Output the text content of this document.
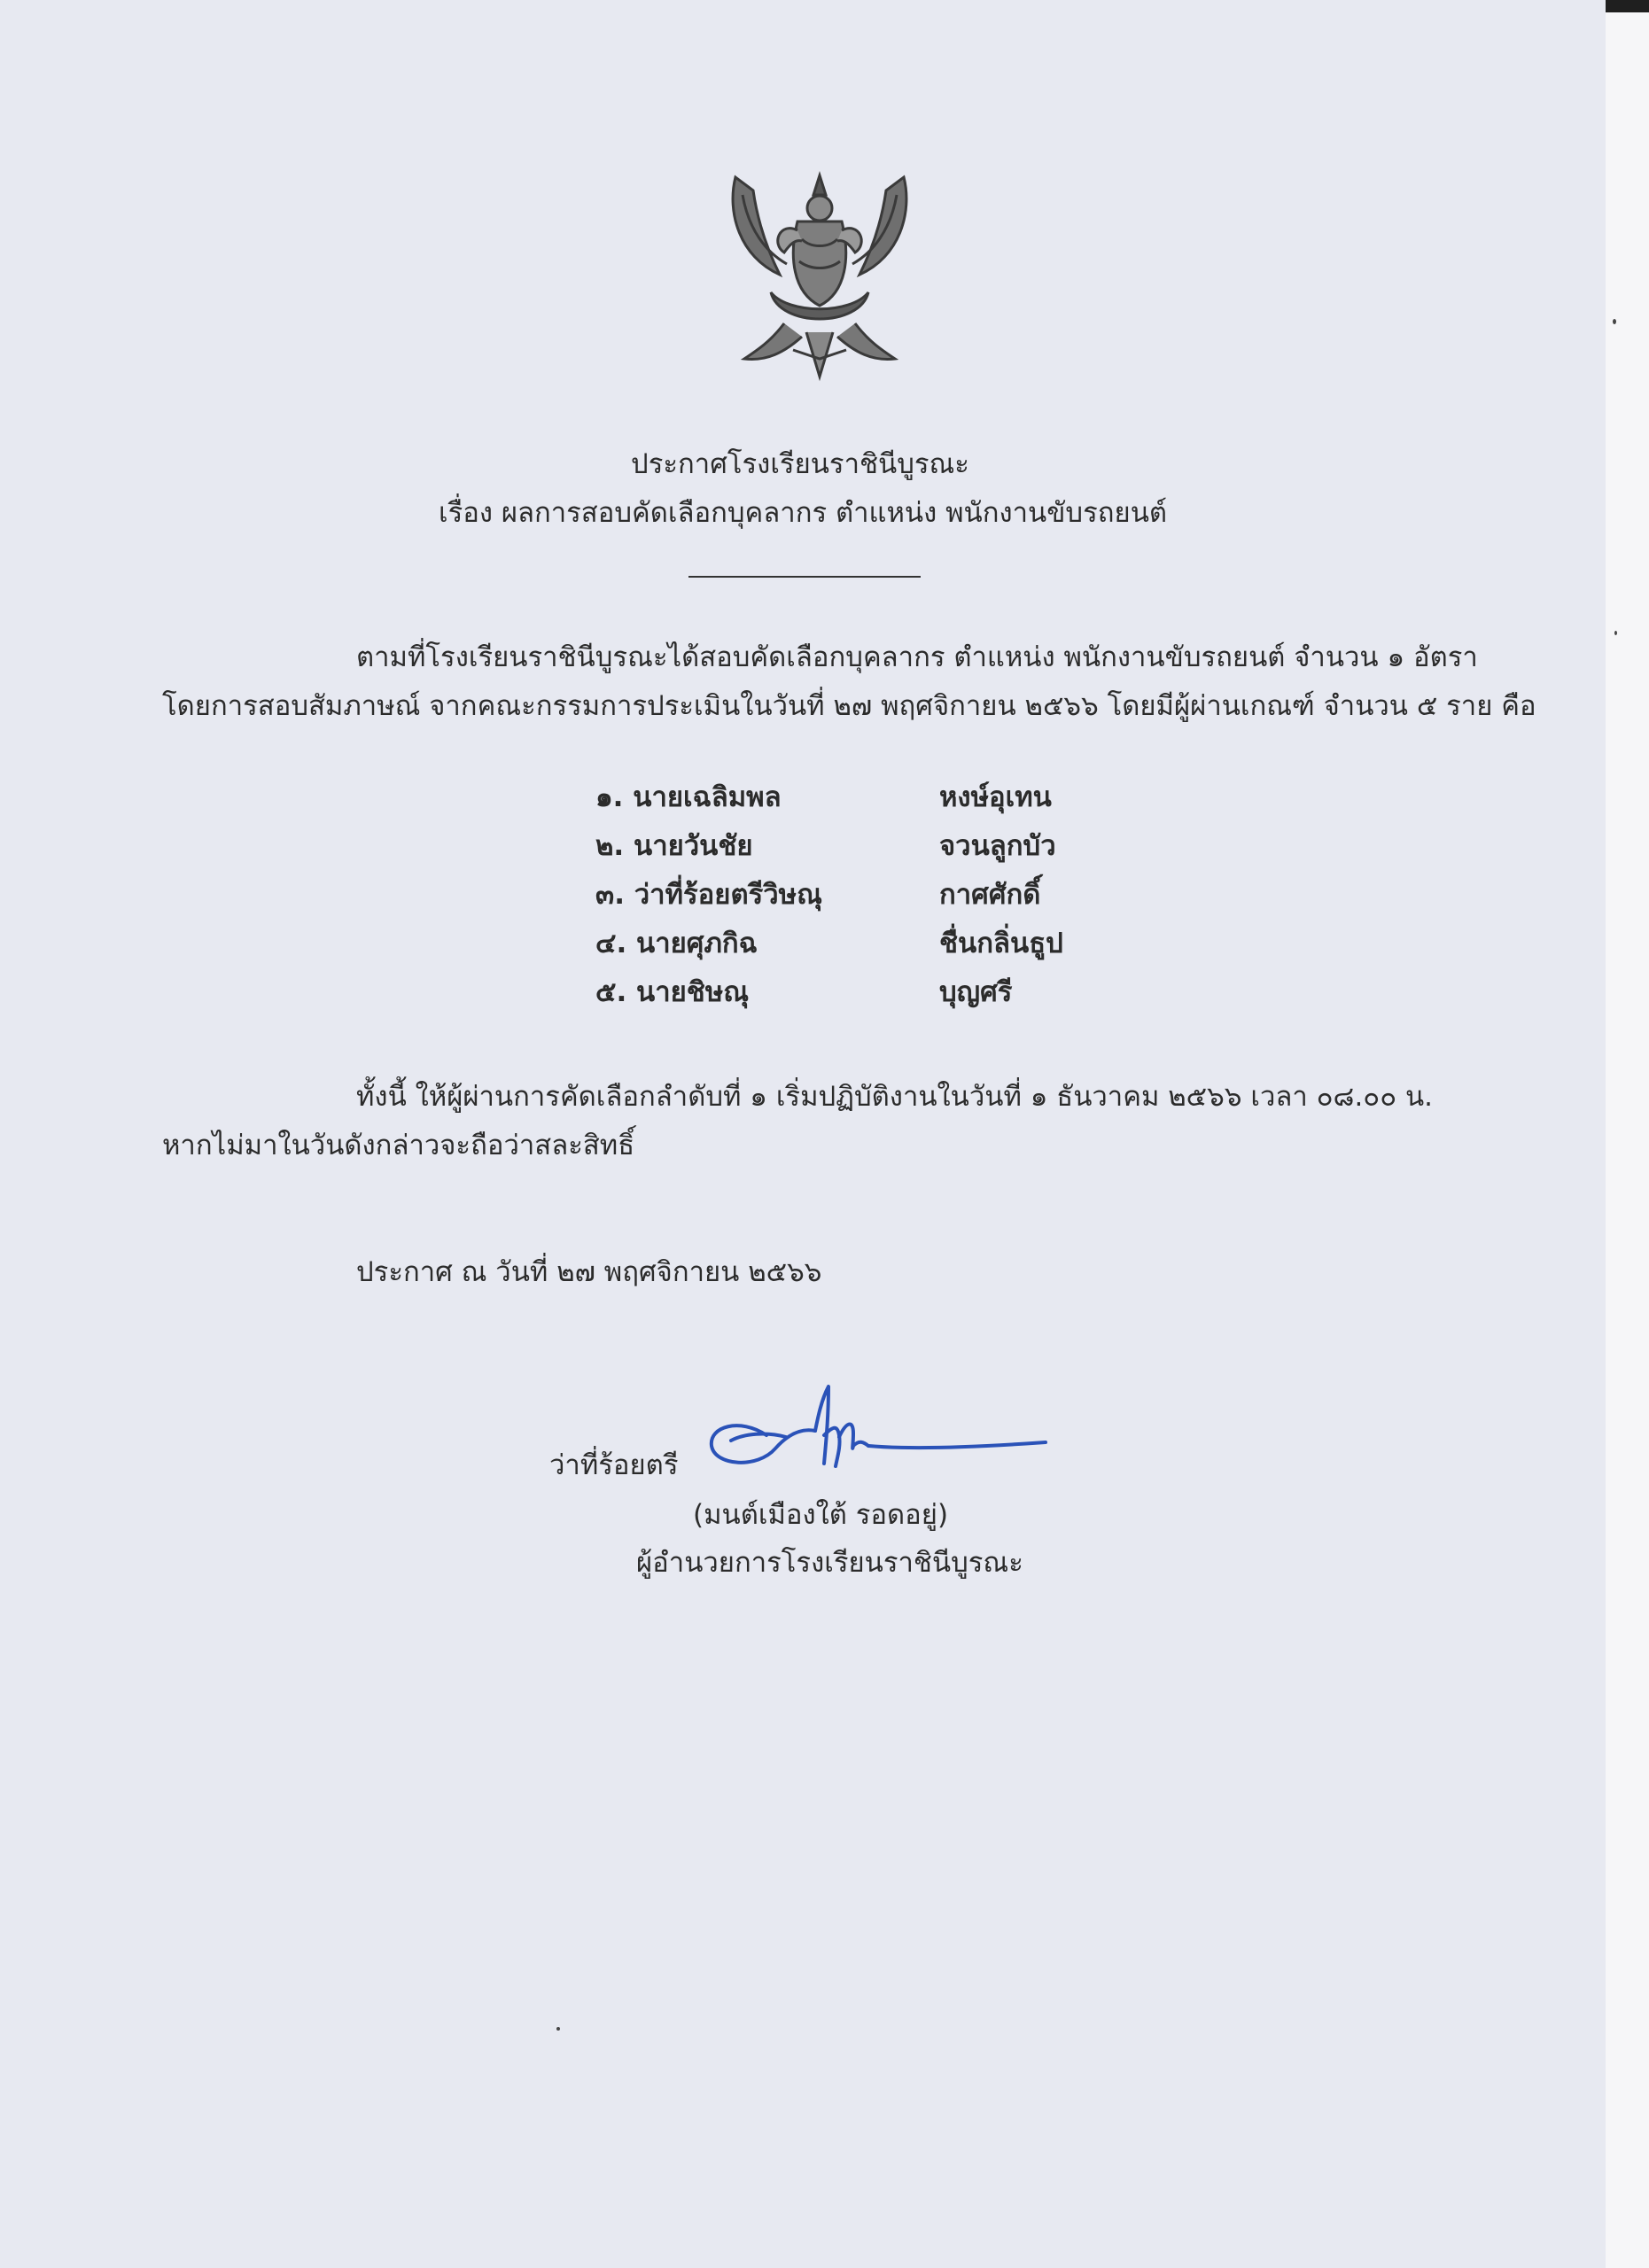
ประกาศโรงเรียนราชินีบูรณะ
เรื่อง ผลการสอบคัดเลือกบุคลากร ตำแหน่ง พนักงานขับรถยนต์
ตามที่โรงเรียนราชินีบูรณะได้สอบคัดเลือกบุคลากร ตำแหน่ง พนักงานขับรถยนต์ จำนวน ๑ อัตรา
โดยการสอบสัมภาษณ์ จากคณะกรรมการประเมินในวันที่ ๒๗ พฤศจิกายน ๒๕๖๖ โดยมีผู้ผ่านเกณฑ์ จำนวน ๕ ราย คือ
๑. นายเฉลิมพล	หงษ์อุเทน
๒. นายวันชัย	จวนลูกบัว
๓. ว่าที่ร้อยตรีวิษณุ	กาศศักดิ์
๔. นายศุภกิฉ	ชื่นกลิ่นธูป
๕. นายชิษณุ	บุญศรี
ทั้งนี้ ให้ผู้ผ่านการคัดเลือกลำดับที่ ๑ เริ่มปฏิบัติงานในวันที่ ๑ ธันวาคม ๒๕๖๖ เวลา ๐๘.๐๐ น.
หากไม่มาในวันดังกล่าวจะถือว่าสละสิทธิ์
ประกาศ ณ วันที่ ๒๗ พฤศจิกายน ๒๕๖๖
ว่าที่ร้อยตรี
(มนต์เมืองใต้ รอดอยู่)
ผู้อำนวยการโรงเรียนราชินีบูรณะ
